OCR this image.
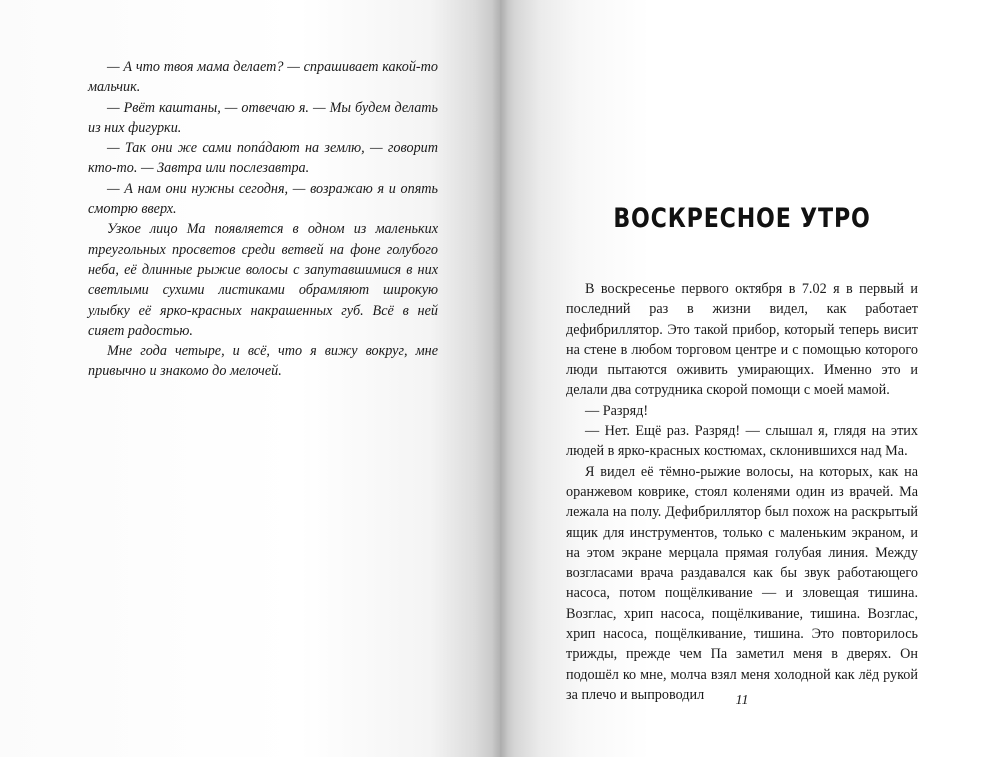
— А что твоя мама делает? — спрашивает какой-то мальчик.

— Рвёт каштаны, — отвечаю я. — Мы будем делать из них фигурки.

— Так они же сами попáдают на землю, — говорит кто-то. — Завтра или послезавтра.

— А нам они нужны сегодня, — возражаю я и опять смотрю вверх.

Узкое лицо Ма появляется в одном из маленьких треугольных просветов среди ветвей на фоне голубого неба, её длинные рыжие волосы с запутавшимися в них светлыми сухими листиками обрамляют широкую улыбку её ярко-красных накрашенных губ. Всё в ней сияет радостью.

Мне года четыре, и всё, что я вижу вокруг, мне привычно и знакомо до мелочей.

ВОСКРЕСНОЕ УТРО

В воскресенье первого октября в 7.02 я в первый и последний раз в жизни видел, как работает дефибриллятор. Это такой прибор, который теперь висит на стене в любом торговом центре и с помощью которого люди пытаются оживить умирающих. Именно это и делали два сотрудника скорой помощи с моей мамой.

— Разряд!

— Нет. Ещё раз. Разряд! — слышал я, глядя на этих людей в ярко-красных костюмах, склонившихся над Ма.

Я видел её тёмно-рыжие волосы, на которых, как на оранжевом коврике, стоял коленями один из врачей. Ма лежала на полу. Дефибриллятор был похож на раскрытый ящик для инструментов, только с маленьким экраном, и на этом экране мерцала прямая голубая линия. Между возгласами врача раздавался как бы звук работающего насоса, потом пощёлкивание — и зловещая тишина. Возглас, хрип насоса, пощёлкивание, тишина. Возглас, хрип насоса, пощёлкивание, тишина. Это повторилось трижды, прежде чем Па заметил меня в дверях. Он подошёл ко мне, молча взял меня холодной как лёд рукой за плечо и выпроводил	11
